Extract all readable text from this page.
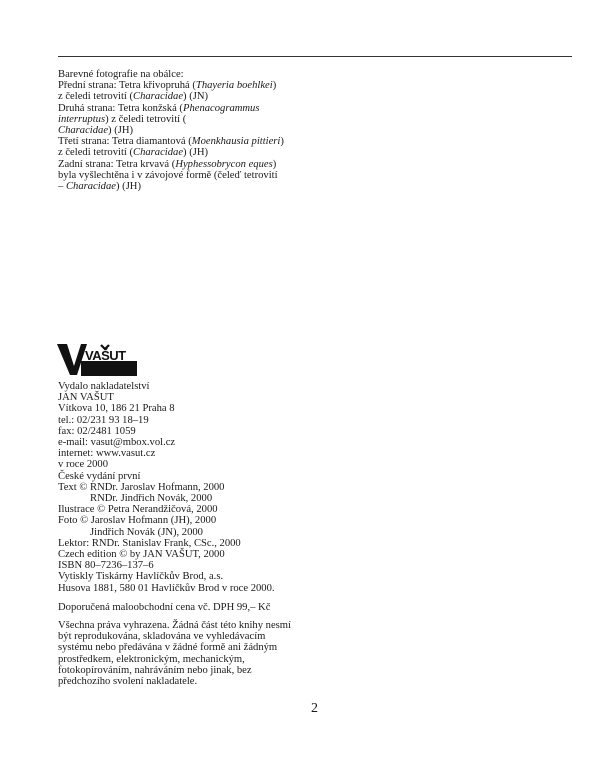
Barevné fotografie na obálce:
Přední strana: Tetra křivopruhá (Thayeria boehlkei)
z čeledi tetrovití (Characidae) (JN)
Druhá strana: Tetra konžská (Phenacogrammus
interruptus) z čeledi tetrovití (
Characidae) (JH)
Třetí strana: Tetra diamantová (Moenkhausia pittieri)
z čeledi tetrovití (Characidae) (JH)
Zadní strana: Tetra krvavá (Hyphessobrycon eques)
byla vyšlechtěna i v závojové formě (čeleď tetrovití
– Characidae) (JH)
VAŠUT
Vydalo nakladatelství
JAN VAŠUT
Vítkova 10, 186 21 Praha 8
tel.: 02/231 93 18–19
fax: 02/2481 1059
e-mail: vasut@mbox.vol.cz
internet: www.vasut.cz
v roce 2000
České vydání první
Text © RNDr. Jaroslav Hofmann, 2000
RNDr. Jindřich Novák, 2000
Ilustrace © Petra Nerandžičová, 2000
Foto © Jaroslav Hofmann (JH), 2000
Jindřich Novák (JN), 2000
Lektor: RNDr. Stanislav Frank, CSc., 2000
Czech edition © by JAN VAŠUT, 2000
ISBN 80–7236–137–6
Vytiskly Tiskárny Havlíčkův Brod, a.s.
Husova 1881, 580 01 Havlíčkův Brod v roce 2000.
Doporučená maloobchodní cena vč. DPH 99,– Kč
Všechna práva vyhrazena. Žádná část této knihy nesmí
být reprodukována, skladována ve vyhledávacím
systému nebo předávána v žádné formě ani žádným
prostředkem, elektronickým, mechanickým,
fotokopírováním, nahráváním nebo jinak, bez
předchozího svolení nakladatele.
2
